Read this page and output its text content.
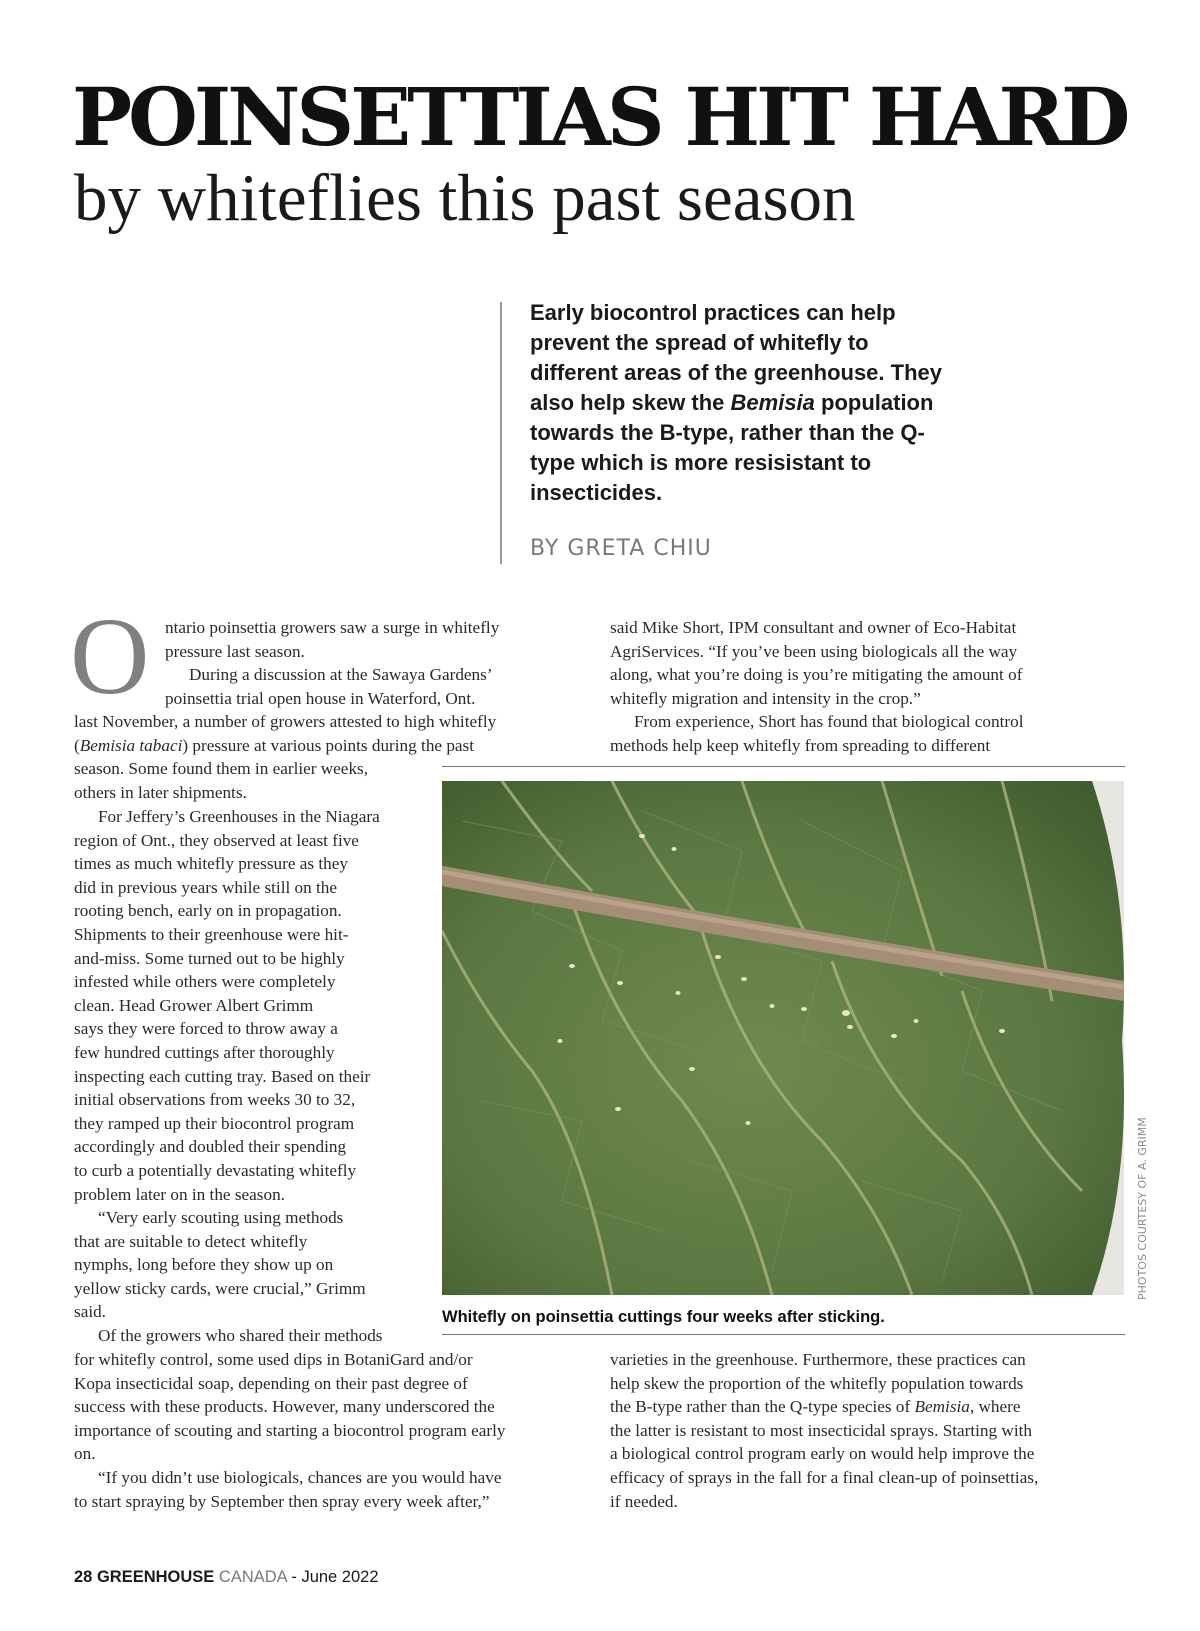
POINSETTIAS HIT HARD
by whiteflies this past season
Early biocontrol practices can help prevent the spread of whitefly to different areas of the greenhouse. They also help skew the Bemisia population towards the B-type, rather than the Q-type which is more resisistant to insecticides.
BY GRETA CHIU
O ntario poinsettia growers saw a surge in whitefly

pressure last season.

During a discussion at the Sawaya Gardens’

poinsettia trial open house in Waterford, Ont.

last November, a number of growers attested to high whitefly

(Bemisia tabaci) pressure at various points during the past

season. Some found them in earlier weeks,

others in later shipments.

For Jeffery’s Greenhouses in the Niagara

region of Ont., they observed at least five

times as much whitefly pressure as they

did in previous years while still on the

rooting bench, early on in propagation.

Shipments to their greenhouse were hit-

and-miss. Some turned out to be highly

infested while others were completely

clean. Head Grower Albert Grimm

says they were forced to throw away a

few hundred cuttings after thoroughly

inspecting each cutting tray. Based on their

initial observations from weeks 30 to 32,

they ramped up their biocontrol program

accordingly and doubled their spending

to curb a potentially devastating whitefly

problem later on in the season.

“Very early scouting using methods

that are suitable to detect whitefly

nymphs, long before they show up on

yellow sticky cards, were crucial,” Grimm

said.

Of the growers who shared their methods

for whitefly control, some used dips in BotaniGard and/or

Kopa insecticidal soap, depending on their past degree of

success with these products. However, many underscored the

importance of scouting and starting a biocontrol program early

on.

“If you didn’t use biologicals, chances are you would have

to start spraying by September then spray every week after,”

said Mike Short, IPM consultant and owner of Eco-Habitat

AgriServices. “If you’ve been using biologicals all the way

along, what you’re doing is you’re mitigating the amount of

whitefly migration and intensity in the crop.”

From experience, Short has found that biological control

methods help keep whitefly from spreading to different

PHOTOS COURTESY OF A. GRIMM
Whitefly on poinsettia cuttings four weeks after sticking.

varieties in the greenhouse. Furthermore, these practices can

help skew the proportion of the whitefly population towards

the B-type rather than the Q-type species of Bemisia, where

the latter is resistant to most insecticidal sprays. Starting with

a biological control program early on would help improve the

efficacy of sprays in the fall for a final clean-up of poinsettias,

if needed.

28 GREENHOUSE CANADA - June 2022
